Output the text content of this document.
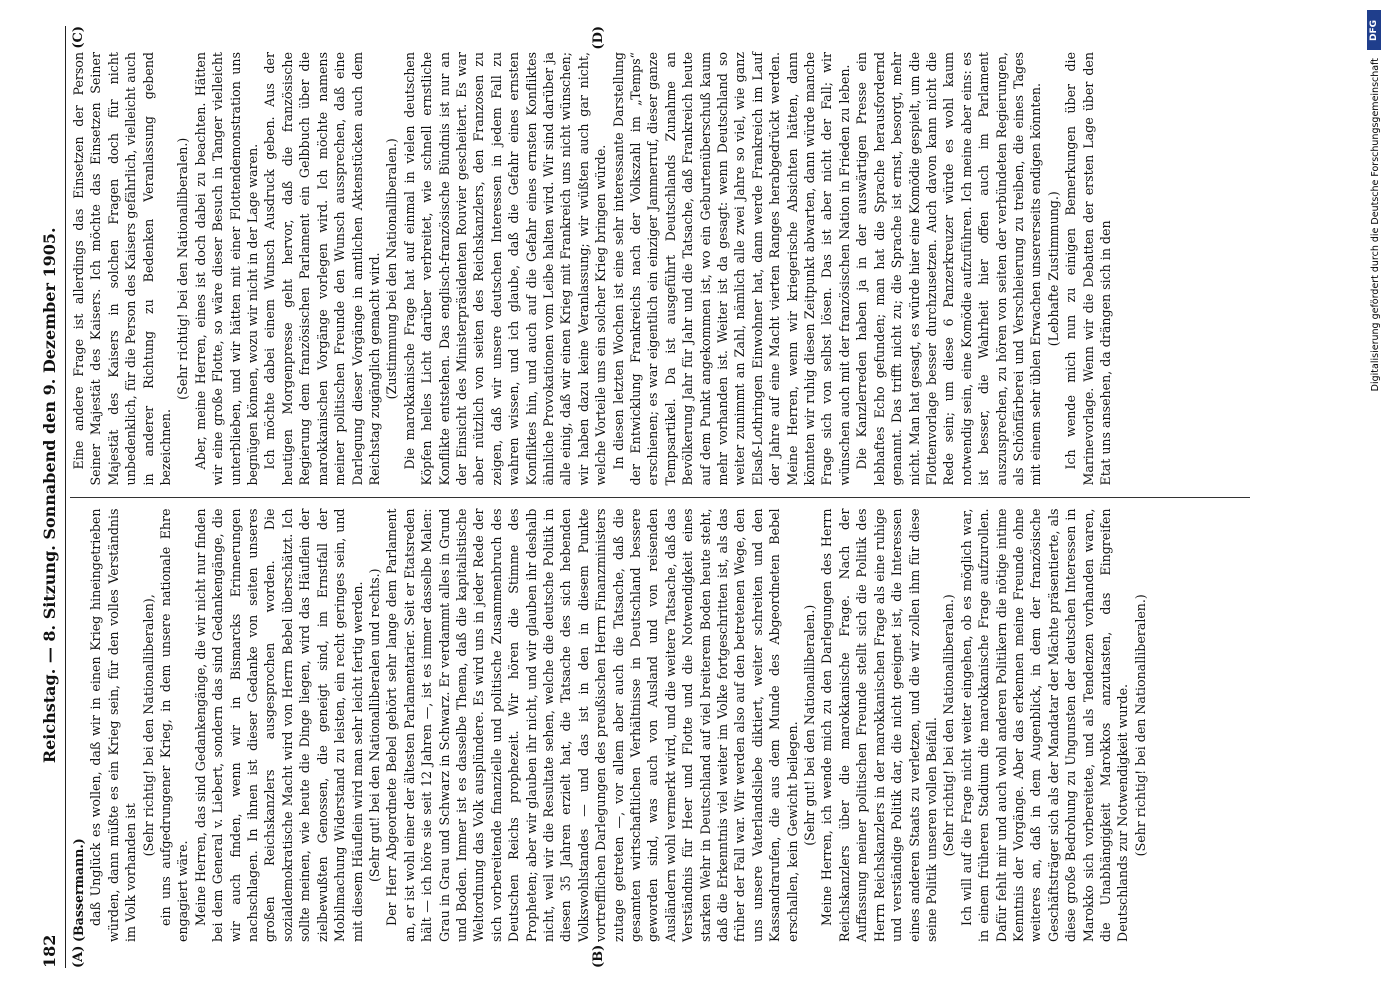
182
Reichstag. — 8. Sitzung. Sonnabend den 9. Dezember 1905.
(A)	(B)
(Bassermann.) daß Unglück es wollen, daß wir in einen Krieg hineingetrieben würden, dann müßte es ein Krieg sein, für den volles Verständnis im Volk vorhanden ist

(Sehr richtig! bei den Nationalliberalen), ein uns aufgedrungener Krieg, in dem unsere nationale Ehre engagiert wäre. Meine Herren, das sind Gedankengänge, die wir nicht nur finden bei dem General v. Liebert, sondern das sind Gedankengänge, die wir auch finden, wenn wir in Bismarcks Erinnerungen nachschlagen. In ihnen ist dieser Gedanke von seiten unseres großen Reichskanzlers ausgesprochen worden. Die sozialdemokratische Macht wird von Herrn Bebel überschätzt. Ich sollte meinen, wie heute die Dinge liegen, wird das Häuflein der zielbewußten Genossen, die geneigt sind, im Ernstfall der Mobilmachung Widerstand zu leisten, ein recht geringes sein, und mit diesem Häuflein wird man sehr leicht fertig werden. (Sehr gut! bei den Nationalliberalen und rechts.) Der Herr Abgeordnete Bebel gehört sehr lange dem Parlament an, er ist wohl einer der ältesten Parlamentarier. Seit er Etatsreden hält — ich höre sie seit 12 Jahren —, ist es immer dasselbe Malen: Grau in Grau und Schwarz in Schwarz. Er verdammt alles in Grund und Boden. Immer ist es dasselbe Thema, daß die kapitalistische Weltordnung das Volk ausplündere. Es wird uns in jeder Rede der sich vorbereitende finanzielle und politische Zusammenbruch des Deutschen Reichs prophezeit. Wir hören die Stimme des Propheten; aber wir glauben ihr nicht, und wir glauben ihr deshalb nicht, weil wir die Resultate sehen, welche die deutsche Politik in diesen 35 Jahren erzielt hat, die Tatsache des sich hebenden Volkswohlstandes — und das ist in den in diesem Punkte vortrefflichen Darlegungen des preußischen Herrn Finanzministers zutage getreten —, vor allem aber auch die Tatsache, daß die gesamten wirtschaftlichen Verhältnisse in Deutschland bessere geworden sind, was auch von Ausland und von reisenden Ausländern wohl vermerkt wird, und die weitere Tatsache, daß das Verständnis für Heer und Flotte und die Notwendigkeit eines starken Wehr in Deutschland auf viel breiterem Boden heute steht, daß die Erkenntnis viel weiter im Volke fortgeschritten ist, als das früher der Fall war. Wir werden also auf den betretenen Wege, den uns unsere Vaterlandsliebe diktiert, weiter schreiten und den Kassandrarufen, die aus dem Munde des Abgeordneten Bebel erschallen, kein Gewicht beilegen. (Sehr gut! bei den Nationalliberalen.) Meine Herren, ich wende mich zu den Darlegungen des Herrn Reichskanzlers über die marokkanische Frage. Nach der Auffassung meiner politischen Freunde stellt sich die Politik des Herrn Reichskanzlers in der marokkanischen Frage als eine ruhige und verständige Politik dar, die nicht geeignet ist, die Interessen eines anderen Staats zu verletzen, und die wir zollen ihm für diese seine Politik unseren vollen Beifall. (Sehr richtig! bei den Nationalliberalen.) Ich will auf die Frage nicht weiter eingehen, ob es möglich war, in einem früheren Stadium die marokkanische Frage aufzurollen. Dafür fehlt mir und auch wohl anderen Politikern die nötige intime Kenntnis der Vorgänge. Aber das erkennen meine Freunde ohne weiteres an, daß in dem Augenblick, in dem der französische Geschäftsträger sich als der Mandatar der Mächte präsentierte, als diese große Bedrohung zu Ungunsten der deutschen Interessen in Marokko sich vorbereitete, und als Tendenzen vorhanden waren, die Unabhängigkeit Marokkos anzutasten, das Eingreifen Deutschlands zur Notwendigkeit wurde. (Sehr richtig! bei den Nationalliberalen.)

(C)	(D)

Eine andere Frage ist allerdings das Einsetzen der Person Seiner Majestät des Kaisers. Ich möchte das Einsetzen Seiner Majestät des Kaisers in solchen Fragen doch für nicht unbedenklich, für die Person des Kaisers gefährlich, vielleicht auch in anderer Richtung zu Bedenken Veranlassung gebend bezeichnen.

(Sehr richtig! bei den Nationalliberalen.) Aber, meine Herren, eines ist doch dabei zu beachten. Hätten wir eine große Flotte, so wäre dieser Besuch in Tanger vielleicht unterblieben, und wir hätten mit einer Flottendemonstration uns begnügen können, wozu wir nicht in der Lage waren. Ich möchte dabei einem Wunsch Ausdruck geben. Aus der heutigen Morgenpresse geht hervor, daß die französische Regierung dem französischen Parlament ein Gelbbuch über die marokkanischen Vorgänge vorlegen wird. Ich möchte namens meiner politischen Freunde den Wunsch aussprechen, daß eine Darlegung dieser Vorgänge in amtlichen Aktenstücken auch dem Reichstag zugänglich gemacht wird. (Zustimmung bei den Nationalliberalen.) Die marokkanische Frage hat auf einmal in vielen deutschen Köpfen helles Licht darüber verbreitet, wie schnell ernstliche Konflikte entstehen. Das englisch-französische Bündnis ist nur an der Einsicht des Ministerpräsidenten Rouvier gescheitert. Es war aber nützlich von seiten des Reichskanzlers, den Franzosen zu zeigen, daß wir unsere deutschen Interessen in jedem Fall zu wahren wissen, und ich glaube, daß die Gefahr eines ernsten Konfliktes hin, und auch auf die Gefahr eines ernsten Konfliktes ähnliche Provokationen vom Leibe halten wird. Wir sind darüber ja alle einig, daß wir einen Krieg mit Frankreich uns nicht wünschen; wir haben dazu keine Veranlassung; wir wüßten auch gar nicht, welche Vorteile uns ein solcher Krieg bringen würde. In diesen letzten Wochen ist eine sehr interessante Darstellung der Entwicklung Frankreichs nach der Volkszahl im „Temps“ erschienen; es war eigentlich ein einziger Jammerruf, dieser ganze Tempsartikel. Da ist ausgeführt Deutschlands Zunahme an Bevölkerung Jahr für Jahr und die Tatsache, daß Frankreich heute auf dem Punkt angekommen ist, wo ein Geburtenüberschuß kaum mehr vorhanden ist. Weiter ist da gesagt: wenn Deutschland so weiter zunimmt an Zahl, nämlich alle zwei Jahre so viel, wie ganz Elsaß-Lothringen Einwohner hat, dann werde Frankreich im Lauf der Jahre auf eine Macht vierten Ranges herabgedrückt werden. Meine Herren, wenn wir kriegerische Absichten hätten, dann könnten wir ruhig diesen Zeitpunkt abwarten, dann würde manche Frage sich von selbst lösen. Das ist aber nicht der Fall; wir wünschen auch mit der französischen Nation in Frieden zu leben. Die Kanzlerreden haben ja in der auswärtigen Presse ein lebhaftes Echo gefunden; man hat die Sprache herausfordernd genannt. Das trifft nicht zu; die Sprache ist ernst, besorgt, mehr nicht. Man hat gesagt, es würde hier eine Komödie gespielt, um die Flottenvorlage besser durchzusetzen. Auch davon kann nicht die Rede sein; um diese 6 Panzerkreuzer würde es wohl kaum notwendig sein, eine Komödie aufzuführen. Ich meine aber eins: es ist besser, die Wahrheit hier offen auch im Parlament auszusprechen, zu hören von seiten der verbündeten Regierungen, als Schönfärberei und Verschleierung zu treiben, die eines Tages mit einem sehr üblen Erwachen unsererseits endigen könnten. (Lebhafte Zustimmung.) Ich wende mich nun zu einigen Bemerkungen über die Marinevorlage. Wenn wir die Debatten der ersten Lage über den Etat uns ansehen, da drängen sich in den

DFG
Digitalisierung gefördert durch die Deutsche Forschungsgemeinschaft
